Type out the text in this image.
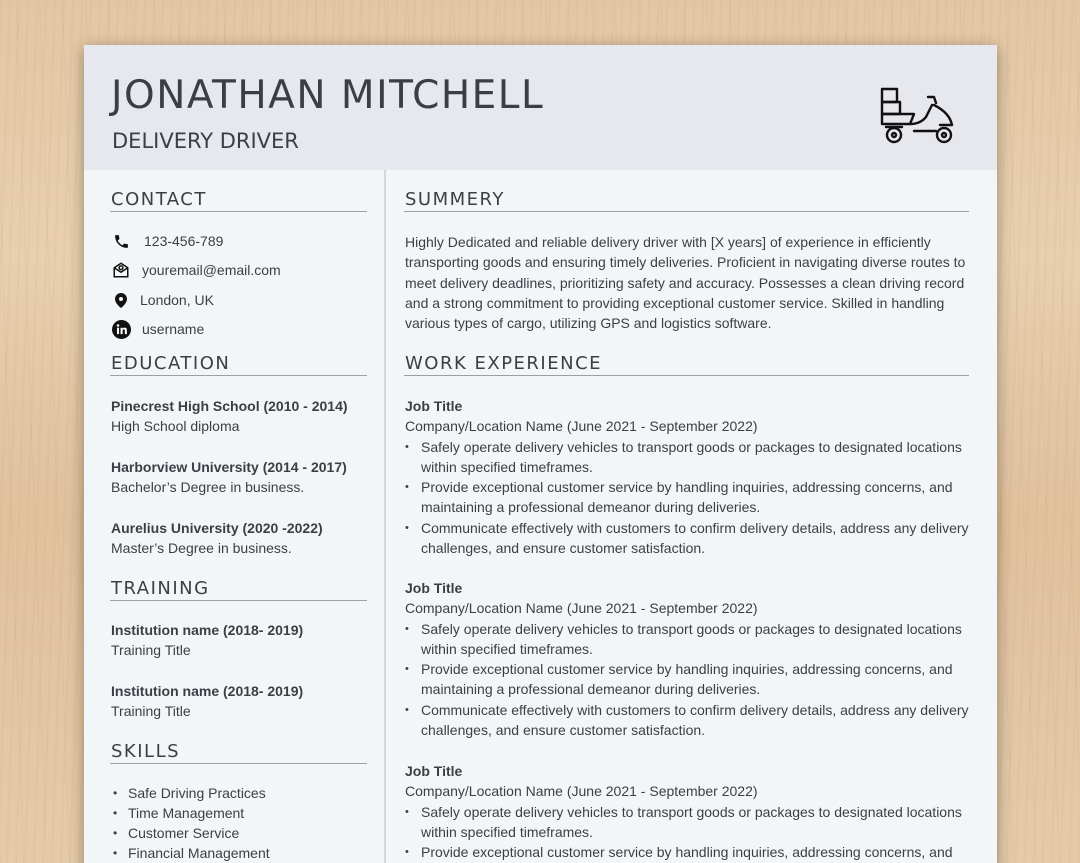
JONATHAN MITCHELL
DELIVERY DRIVER
CONTACT
123-456-789
youremail@email.com
London, UK
username
EDUCATION
Pinecrest High School (2010 - 2014)
High School diploma
Harborview University (2014 - 2017)
Bachelor’s Degree in business.
Aurelius University (2020 -2022)
Master’s Degree in business.
TRAINING
Institution name (2018- 2019)
Training Title
Institution name (2018- 2019)
Training Title
SKILLS
• Safe Driving Practices
• Time Management
• Customer Service
• Financial Management
SUMMERY
Highly Dedicated and reliable delivery driver with [X years] of experience in efficiently transporting goods and ensuring timely deliveries. Proficient in navigating diverse routes to meet delivery deadlines, prioritizing safety and accuracy. Possesses a clean driving record and a strong commitment to providing exceptional customer service. Skilled in handling various types of cargo, utilizing GPS and logistics software.
WORK EXPERIENCE
Job Title
Company/Location Name (June 2021 - September 2022)
• Safely operate delivery vehicles to transport goods or packages to designated locations within specified timeframes.
• Provide exceptional customer service by handling inquiries, addressing concerns, and maintaining a professional demeanor during deliveries.
• Communicate effectively with customers to confirm delivery details, address any delivery challenges, and ensure customer satisfaction.
Job Title
Company/Location Name (June 2021 - September 2022)
• Safely operate delivery vehicles to transport goods or packages to designated locations within specified timeframes.
• Provide exceptional customer service by handling inquiries, addressing concerns, and maintaining a professional demeanor during deliveries.
• Communicate effectively with customers to confirm delivery details, address any delivery challenges, and ensure customer satisfaction.
Job Title
Company/Location Name (June 2021 - September 2022)
• Safely operate delivery vehicles to transport goods or packages to designated locations within specified timeframes.
• Provide exceptional customer service by handling inquiries, addressing concerns, and
